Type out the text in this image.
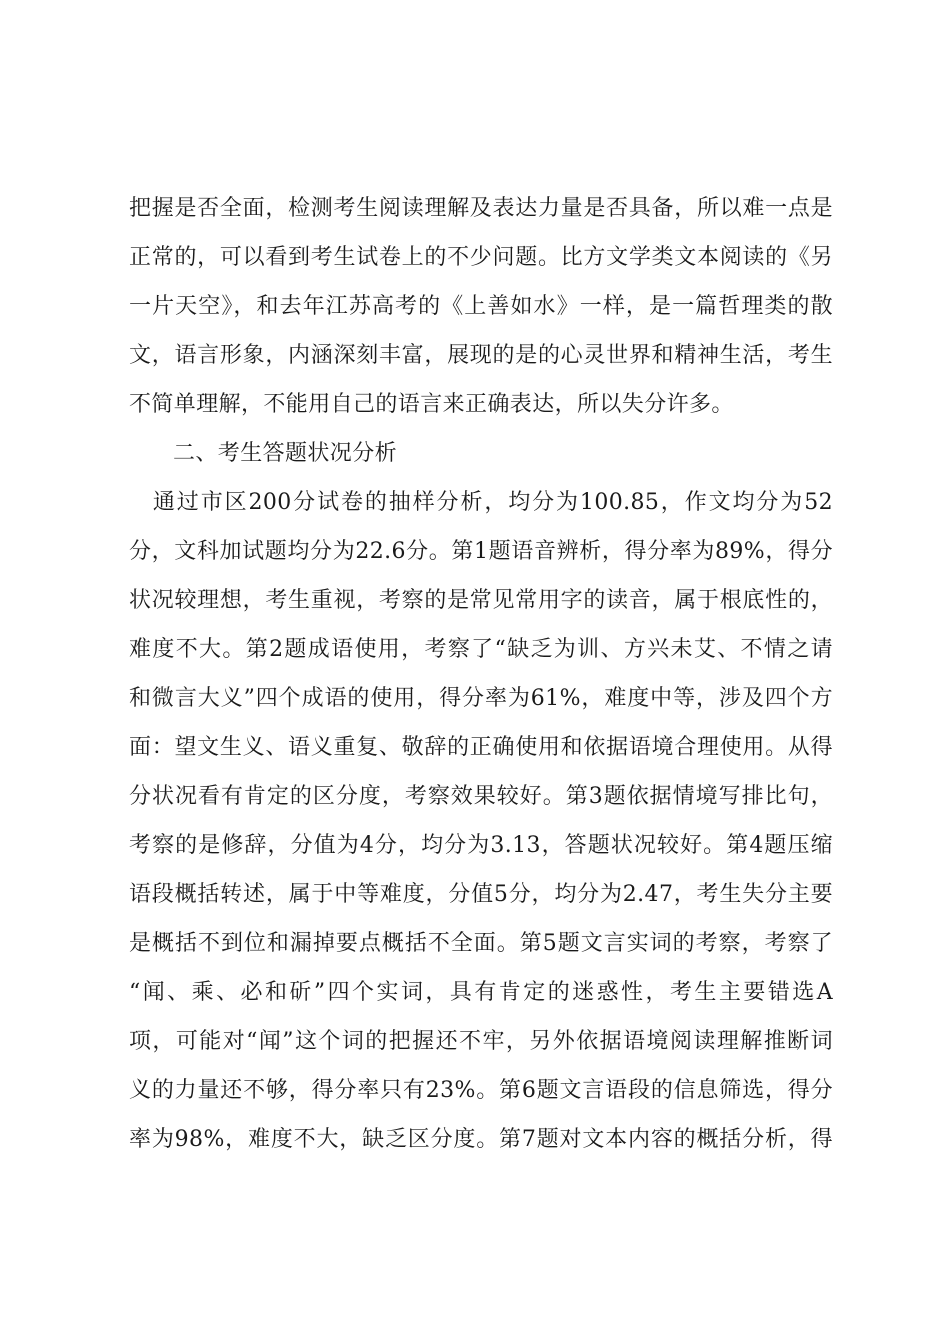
把握是否全面，检测考生阅读理解及表达力量是否具备，所以难一点是
正常的，可以看到考生试卷上的不少问题。比方文学类文本阅读的《另
一片天空》，和去年江苏高考的《上善如水》一样，是一篇哲理类的散
文，语言形象，内涵深刻丰富，展现的是的心灵世界和精神生活，考生
不简单理解，不能用自己的语言来正确表达，所以失分许多。

二、考生答题状况分析

　通过市区200分试卷的抽样分析，均分为100.85，作文均分为52
分，文科加试题均分为22.6分。第1题语音辨析，得分率为89%，得分
状况较理想，考生重视，考察的是常见常用字的读音，属于根底性的，
难度不大。第2题成语使用，考察了“缺乏为训、方兴未艾、不情之请
和微言大义”四个成语的使用，得分率为61%，难度中等，涉及四个方
面：望文生义、语义重复、敬辞的正确使用和依据语境合理使用。从得
分状况看有肯定的区分度，考察效果较好。第3题依据情境写排比句，
考察的是修辞，分值为4分，均分为3.13，答题状况较好。第4题压缩
语段概括转述，属于中等难度，分值5分，均分为2.47，考生失分主要
是概括不到位和漏掉要点概括不全面。第5题文言实词的考察，考察了
“闻、乘、必和斫”四个实词，具有肯定的迷惑性，考生主要错选A
项，可能对“闻”这个词的把握还不牢，另外依据语境阅读理解推断词
义的力量还不够，得分率只有23%。第6题文言语段的信息筛选，得分
率为98%，难度不大，缺乏区分度。第7题对文本内容的概括分析，得
